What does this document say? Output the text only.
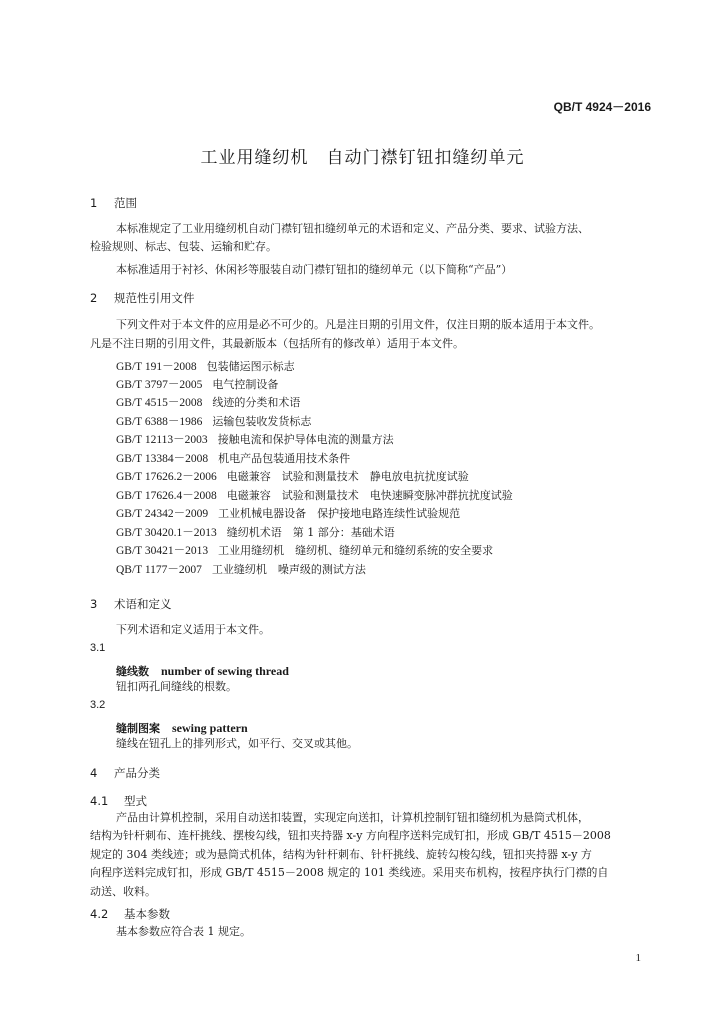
QB/T 4924－2016
工业用缝纫机　自动门襟钉钮扣缝纫单元
1 范围
本标准规定了工业用缝纫机自动门襟钉钮扣缝纫单元的术语和定义、产品分类、要求、试验方法、
检验规则、标志、包装、运输和贮存。
本标准适用于衬衫、休闲衫等服装自动门襟钉钮扣的缝纫单元（以下简称“产品”）
2 规范性引用文件
下列文件对于本文件的应用是必不可少的。凡是注日期的引用文件，仅注日期的版本适用于本文件。
凡是不注日期的引用文件，其最新版本（包括所有的修改单）适用于本文件。
GB/T 191－2008 包装储运图示标志
GB/T 3797－2005 电气控制设备
GB/T 4515－2008 线迹的分类和术语
GB/T 6388－1986 运输包装收发货标志
GB/T 12113－2003 接触电流和保护导体电流的测量方法
GB/T 13384－2008 机电产品包装通用技术条件
GB/T 17626.2－2006 电磁兼容　试验和测量技术　静电放电抗扰度试验
GB/T 17626.4－2008 电磁兼容　试验和测量技术　电快速瞬变脉冲群抗扰度试验
GB/T 24342－2009 工业机械电器设备　保护接地电路连续性试验规范
GB/T 30420.1－2013 缝纫机术语　第 1 部分：基础术语
GB/T 30421－2013 工业用缝纫机　缝纫机、缝纫单元和缝纫系统的安全要求
QB/T 1177－2007 工业缝纫机　噪声级的测试方法
3 术语和定义
下列术语和定义适用于本文件。
3.1
缝线数 number of sewing thread
钮扣两孔间缝线的根数。
3.2
缝制图案 sewing pattern
缝线在钮孔上的排列形式，如平行、交叉或其他。
4 产品分类
4.1 型式
产品由计算机控制，采用自动送扣装置，实现定向送扣，计算机控制钉钮扣缝纫机为悬筒式机体，
结构为针杆刺布、连杆挑线、摆梭勾线，钮扣夹持器 x-y 方向程序送料完成钉扣，形成 GB/T 4515－2008
规定的 304 类线迹；或为悬筒式机体，结构为针杆刺布、针杆挑线、旋转勾梭勾线，钮扣夹持器 x-y 方
向程序送料完成钉扣，形成 GB/T 4515－2008 规定的 101 类线迹。采用夹布机构，按程序执行门襟的自
动送、收料。
4.2 基本参数
基本参数应符合表 1 规定。
1
